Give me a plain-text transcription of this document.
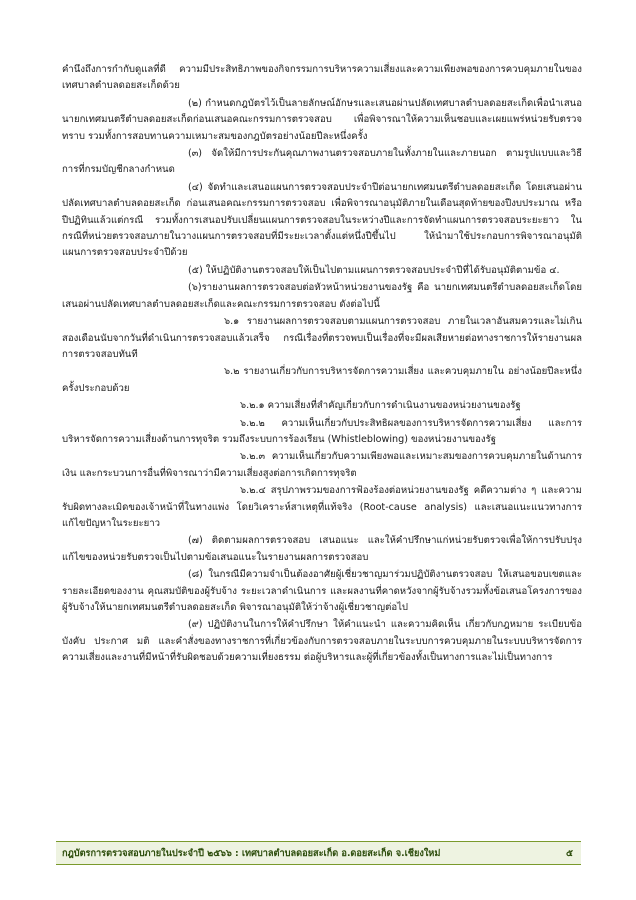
คำนึงถึงการกำกับดูแลที่ดี ความมีประสิทธิภาพของกิจกรรมการบริหารความเสี่ยงและความเพียงพอของการควบคุมภายในของเทศบาลตำบลดอยสะเก็ดด้วย

(๒) กำหนดกฎบัตรไว้เป็นลายลักษณ์อักษรและเสนอผ่านปลัดเทศบาลตำบลดอยสะเก็ดเพื่อนำเสนอนายกเทศมนตรีตำบลดอยสะเก็ดก่อนเสนอคณะกรรมการตรวจสอบ เพื่อพิจารณาให้ความเห็นชอบและเผยแพร่หน่วยรับตรวจทราบ รวมทั้งการสอบทานความเหมาะสมของกฎบัตรอย่างน้อยปีละหนึ่งครั้ง

(๓) จัดให้มีการประกันคุณภาพงานตรวจสอบภายในทั้งภายในและภายนอก ตามรูปแบบและวิธีการที่กรมบัญชีกลางกำหนด

(๔) จัดทำและเสนอแผนการตรวจสอบประจำปีต่อนายกเทศมนตรีตำบลดอยสะเก็ด โดยเสนอผ่านปลัดเทศบาลตำบลดอยสะเก็ด ก่อนเสนอคณะกรรมการตรวจสอบ เพื่อพิจารณาอนุมัติภายในเดือนสุดท้ายของปีงบประมาณ หรือปีปฏิทินแล้วแต่กรณี รวมทั้งการเสนอปรับเปลี่ยนแผนการตรวจสอบในระหว่างปีและการจัดทำแผนการตรวจสอบระยะยาว ในกรณีที่หน่วยตรวจสอบภายในวางแผนการตรวจสอบที่มีระยะเวลาตั้งแต่หนึ่งปีขึ้นไป ให้นำมาใช้ประกอบการพิจารณาอนุมัติแผนการตรวจสอบประจำปีด้วย

(๕) ให้ปฏิบัติงานตรวจสอบให้เป็นไปตามแผนการตรวจสอบประจำปีที่ได้รับอนุมัติตามข้อ ๔.

(๖)รายงานผลการตรวจสอบต่อหัวหน้าหน่วยงานของรัฐ คือ นายกเทศมนตรีตำบลดอยสะเก็ดโดยเสนอผ่านปลัดเทศบาลตำบลดอยสะเก็ดและคณะกรรมการตรวจสอบ ดังต่อไปนี้

๖.๑ รายงานผลการตรวจสอบตามแผนการตรวจสอบ ภายในเวลาอันสมควรและไม่เกินสองเดือนนับจากวันที่ดำเนินการตรวจสอบแล้วเสร็จ กรณีเรื่องที่ตรวจพบเป็นเรื่องที่จะมีผลเสียหายต่อทางราชการให้รายงานผลการตรวจสอบทันที

๖.๒ รายงานเกี่ยวกับการบริหารจัดการความเสี่ยง และควบคุมภายใน อย่างน้อยปีละหนึ่งครั้งประกอบด้วย

๖.๒.๑ ความเสี่ยงที่สำคัญเกี่ยวกับการดำเนินงานของหน่วยงานของรัฐ

๖.๒.๒ ความเห็นเกี่ยวกับประสิทธิผลของการบริหารจัดการความเสี่ยง และการบริหารจัดการความเสี่ยงด้านการทุจริต รวมถึงระบบการร้องเรียน (Whistleblowing) ของหน่วยงานของรัฐ

๖.๒.๓ ความเห็นเกี่ยวกับความเพียงพอและเหมาะสมของการควบคุมภายในด้านการเงิน และกระบวนการอื่นที่พิจารณาว่ามีความเสี่ยงสูงต่อการเกิดการทุจริต

๖.๒.๔ สรุปภาพรวมของการฟ้องร้องต่อหน่วยงานของรัฐ คดีความต่าง ๆ และความรับผิดทางละเมิดของเจ้าหน้าที่ในทางแพ่ง โดยวิเคราะห์สาเหตุที่แท้จริง (Root-cause analysis) และเสนอแนะแนวทางการแก้ไขปัญหาในระยะยาว

(๗) ติดตามผลการตรวจสอบ เสนอแนะ และให้คำปรึกษาแก่หน่วยรับตรวจเพื่อให้การปรับปรุงแก้ไขของหน่วยรับตรวจเป็นไปตามข้อเสนอแนะในรายงานผลการตรวจสอบ

(๘) ในกรณีมีความจำเป็นต้องอาศัยผู้เชี่ยวชาญมาร่วมปฏิบัติงานตรวจสอบ ให้เสนอขอบเขตและรายละเอียดของงาน คุณสมบัติของผู้รับจ้าง ระยะเวลาดำเนินการ และผลงานที่คาดหวังจากผู้รับจ้างรวมทั้งข้อเสนอโครงการของผู้รับจ้างให้นายกเทศมนตรีตำบลดอยสะเก็ด พิจารณาอนุมัติให้ว่าจ้างผู้เชี่ยวชาญต่อไป

(๙) ปฏิบัติงานในการให้คำปรึกษา ให้คำแนะนำ และความคิดเห็น เกี่ยวกับกฎหมาย ระเบียบข้อบังคับ ประกาศ มติ และคำสั่งของทางราชการที่เกี่ยวข้องกับการตรวจสอบภายในระบบการควบคุมภายในระบบบริหารจัดการความเสี่ยงและงานที่มีหน้าที่รับผิดชอบด้วยความเที่ยงธรรม ต่อผู้บริหารและผู้ที่เกี่ยวข้องทั้งเป็นทางการและไม่เป็นทางการ

กฎบัตรการตรวจสอบภายในประจำปี ๒๕๖๖ : เทศบาลตำบลดอยสะเก็ด อ.ดอยสะเก็ด จ.เชียงใหม่	๕
